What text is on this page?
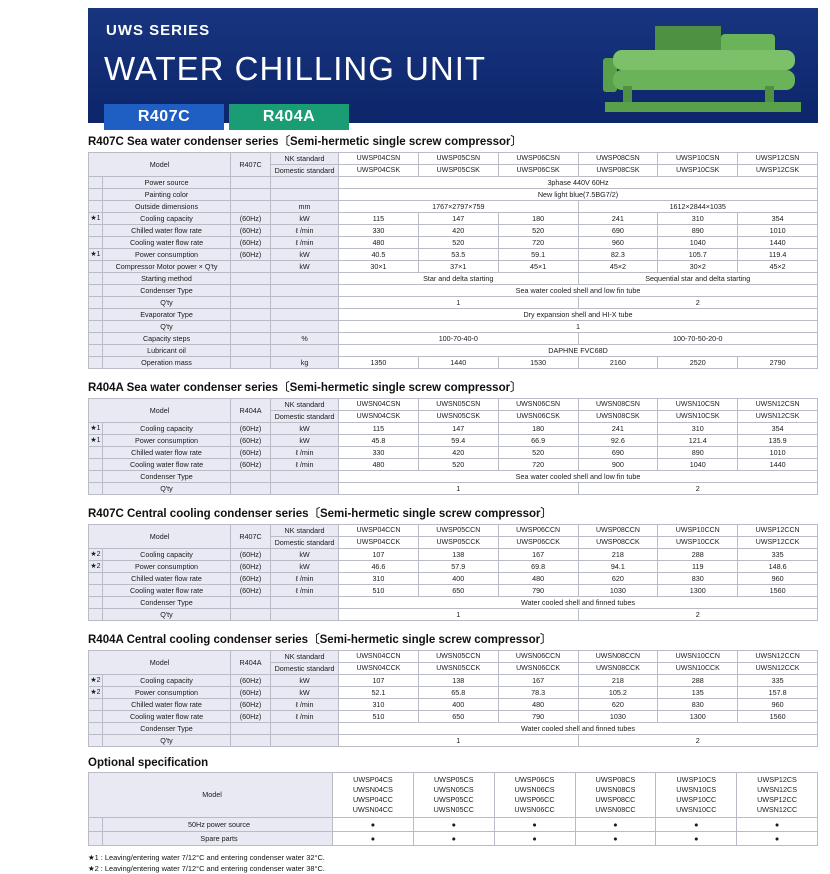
UWS SERIES
WATER CHILLING UNIT
R407C	R404A
R407C Sea water condenser series〔Semi-hermetic single screw compressor〕
Model		R407C	NK standard	UWSP04CSN	UWSP05CSN	UWSP06CSN	UWSP08CSN	UWSP10CSN	UWSP12CSN
			Domestic standard	UWSP04CSK	UWSP05CSK	UWSP06CSK	UWSP08CSK	UWSP10CSK	UWSP12CSK
	Power source			3phase 440V 60Hz					
	Painting color			New light blue(7.5BG7/2)					
	Outside dimensions		mm	1767×2797×759			1612×2844×1035		
★1	Cooling capacity	(60Hz)	kW	115	147	180	241	310	354
	Chilled water flow rate	(60Hz)	ℓ /min	330	420	520	690	890	1010
	Cooling water flow rate	(60Hz)	ℓ /min	480	520	720	960	1040	1440
★1	Power consumption	(60Hz)	kW	40.5	53.5	59.1	82.3	105.7	119.4
	Compressor Motor power × Q'ty		kW	30×1	37×1	45×1	45×2	30×2	45×2
	Starting method			Star and delta starting			Sequential star and delta starting		
	Condenser Type			Sea water cooled shell and low fin tube					
	Q'ty			1			2		
	Evaporator Type			Dry expansion shell and HI-X tube					
	Q'ty			1					
	Capacity steps		%	100-70-40-0			100-70-50-20-0		
	Lubricant oil			DAPHNE FVC68D					
	Operation mass		kg	1350	1440	1530	2160	2520	2790
R404A Sea water condenser series〔Semi-hermetic single screw compressor〕
Model		R404A	NK standard	UWSN04CSN	UWSN05CSN	UWSN06CSN	UWSN08CSN	UWSN10CSN	UWSN12CSN
			Domestic standard	UWSN04CSK	UWSN05CSK	UWSN06CSK	UWSN08CSK	UWSN10CSK	UWSN12CSK
★1	Cooling capacity	(60Hz)	kW	115	147	180	241	310	354
★1	Power consumption	(60Hz)	kW	45.8	59.4	66.9	92.6	121.4	135.9
	Chilled water flow rate	(60Hz)	ℓ /min	330	420	520	690	890	1010
	Cooling water flow rate	(60Hz)	ℓ /min	480	520	720	900	1040	1440
	Condenser Type			Sea water cooled shell and low fin tube					
	Q'ty			1			2		
R407C Central cooling condenser series〔Semi-hermetic single screw compressor〕
Model		R407C	NK standard	UWSP04CCN	UWSP05CCN	UWSP06CCN	UWSP08CCN	UWSP10CCN	UWSP12CCN
			Domestic standard	UWSP04CCK	UWSP05CCK	UWSP06CCK	UWSP08CCK	UWSP10CCK	UWSP12CCK
★2	Cooling capacity	(60Hz)	kW	107	138	167	218	288	335
★2	Power consumption	(60Hz)	kW	46.6	57.9	69.8	94.1	119	148.6
	Chilled water flow rate	(60Hz)	ℓ /min	310	400	480	620	830	960
	Cooling water flow rate	(60Hz)	ℓ /min	510	650	790	1030	1300	1560
	Condenser Type			Water cooled shell and finned tubes					
	Q'ty			1			2		
R404A Central cooling condenser series〔Semi-hermetic single screw compressor〕
Model		R404A	NK standard	UWSN04CCN	UWSN05CCN	UWSN06CCN	UWSN08CCN	UWSN10CCN	UWSN12CCN
			Domestic standard	UWSN04CCK	UWSN05CCK	UWSN06CCK	UWSN08CCK	UWSN10CCK	UWSN12CCK
★2	Cooling capacity	(60Hz)	kW	107	138	167	218	288	335
★2	Power consumption	(60Hz)	kW	52.1	65.8	78.3	105.2	135	157.8
	Chilled water flow rate	(60Hz)	ℓ /min	310	400	480	620	830	960
	Cooling water flow rate	(60Hz)	ℓ /min	510	650	790	1030	1300	1560
	Condenser Type			Water cooled shell and finned tubes					
	Q'ty			1			2		
Optional specification
Model		UWSP04CS
UWSN04CS
UWSP04CC
UWSN04CC	UWSP05CS
UWSN05CS
UWSP05CC
UWSN05CC	UWSP06CS
UWSN06CS
UWSP06CC
UWSN06CC	UWSP08CS
UWSN08CS
UWSP08CC
UWSN08CC	UWSP10CS
UWSN10CS
UWSP10CC
UWSN10CC	UWSP12CS
UWSN12CS
UWSP12CC
UWSN12CC
	50Hz power source	●	●	●	●	●	●
	Spare parts	●	●	●	●	●	●
★1 : Leaving/entering water 7/12°C and entering condenser water 32°C.
★2 : Leaving/entering water 7/12°C and entering condenser water 38°C.
